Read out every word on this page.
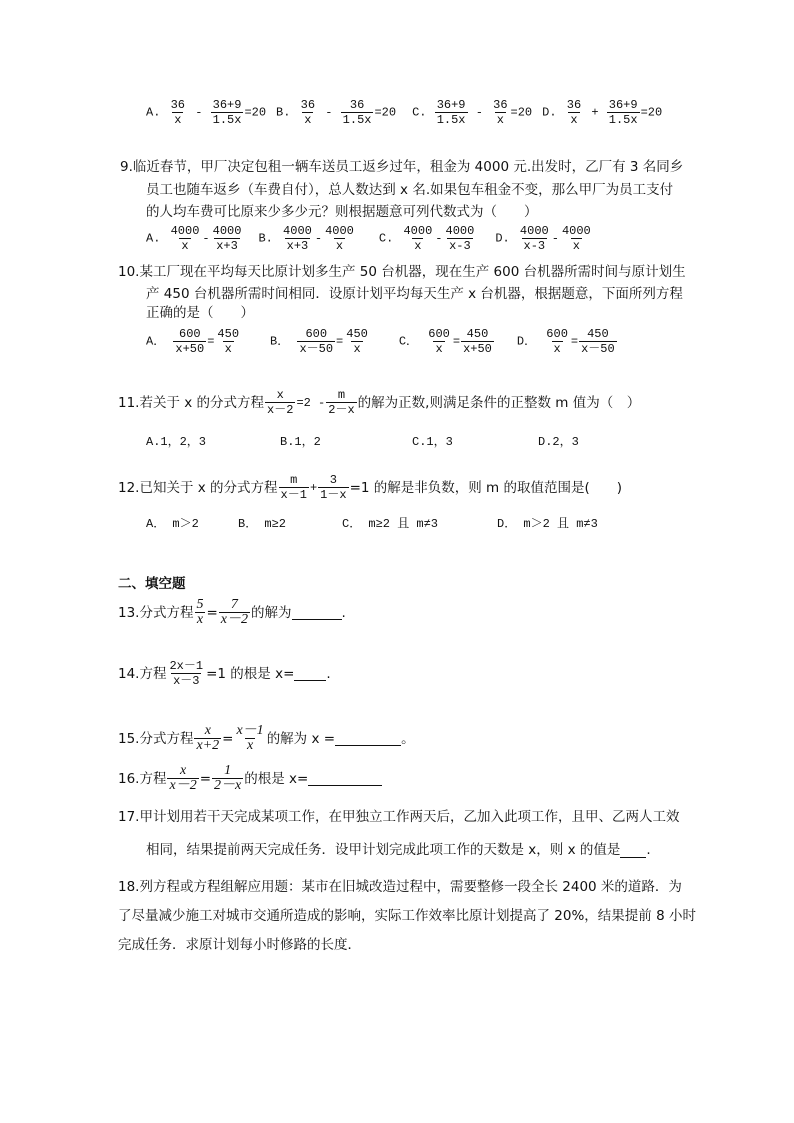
A. $\frac{36}{x} - \frac{36+9}{1.5x} =20$ B. $\frac{36}{x} - \frac{36}{1.5x} =20$ C. $\frac{36+9}{1.5x} - \frac{36}{x} =20$ D. $\frac{36}{x} + \frac{36+9}{1.5x} =20$
9.临近春节，甲厂决定包租一辆车送员工返乡过年，租金为 4000 元.出发时，乙厂有 3 名同乡
员工也随车返乡（车费自付），总人数达到 x 名.如果包车租金不变，那么甲厂为员工支付
的人均车费可比原来少多少元？则根据题意可列代数式为（　　）
A. $\frac{4000}{x} - \frac{4000}{x+3} B$. $\frac{4000}{x+3} - \frac{4000}{x} C$. $\frac{4000}{x} - \frac{4000}{x-3} D$. $\frac{4000}{x-3} - \frac{4000}{x}$
10.某工厂现在平均每天比原计划多生产 50 台机器，现在生产 600 台机器所需时间与原计划生
产 450 台机器所需时间相同．设原计划平均每天生产 x 台机器，根据题意，下面所列方程
正确的是（　　）
A． $\frac{600}{x+50} = \frac{450}{x}$ B． $\frac{600}{x-50} = \frac{450}{x}$ C． $\frac{600}{x} = \frac{450}{x+50}$ D． $\frac{600}{x} = \frac{450}{x-50}$
11.若关于 x 的分式方程 $\frac{x}{x-2} =2 - \frac{m}{2-x}$ 的解为正数,则满足条件的正整数 m 值为（　）
A.1，2，3	B.1，2	C.1，3	D.2，3
12.已知关于 x 的分式方程 $\frac{m}{x-1} + \frac{3}{1-x} =1$ 的解是非负数，则 m 的取值范围是(　　)
A． m＞2	B． m≥2	C． m≥2 且 m≠3	D． m＞2 且 m≠3
二、填空题
13.分式方程 $\frac{5}{x} = \frac{7}{x-2}$ 的解为	.
14.方程 $\frac{2x-1}{x-3} =1$ 的根是 x= .
15.分式方程 $\frac{x}{x+2} = \frac{x-1}{x}$ 的解为 x =	。
16.方程 $\frac{x}{x-2} = \frac{1}{2-x}$ 的根是 x=
17.甲计划用若干天完成某项工作，在甲独立工作两天后，乙加入此项工作，且甲、乙两人工效
相同，结果提前两天完成任务．设甲计划完成此项工作的天数是 x，则 x 的值是 .
18.列方程或方程组解应用题：某市在旧城改造过程中，需要整修一段全长 2400 米的道路．为
了尽量减少施工对城市交通所造成的影响，实际工作效率比原计划提高了 20%，结果提前 8 小时
完成任务．求原计划每小时修路的长度．
